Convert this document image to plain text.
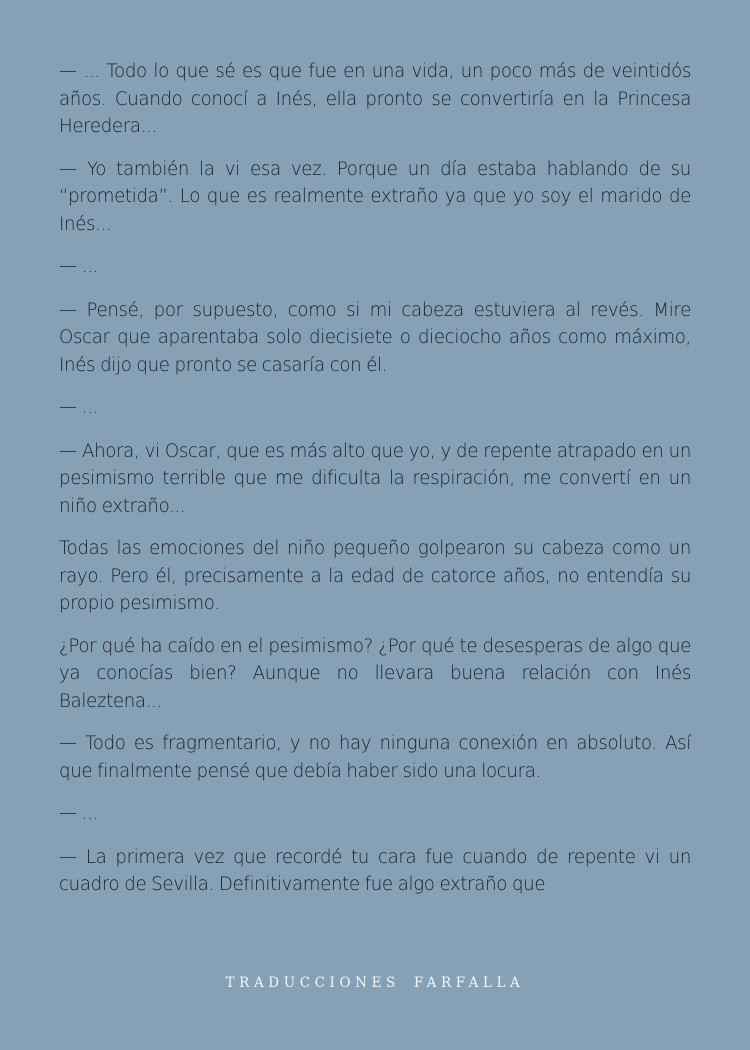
— ... Todo lo que sé es que fue en una vida, un poco más de veintidós años. Cuando conocí a Inés, ella pronto se convertiría en la Princesa Heredera...

— Yo también la vi esa vez. Porque un día estaba hablando de su “prometida”. Lo que es realmente extraño ya que yo soy el marido de Inés...

— ...

— Pensé, por supuesto, como si mi cabeza estuviera al revés. Mire Oscar que aparentaba solo diecisiete o dieciocho años como máximo, Inés dijo que pronto se casaría con él.

— ...

— Ahora, vi Oscar, que es más alto que yo, y de repente atrapado en un pesimismo terrible que me dificulta la respiración, me convertí en un niño extraño...

Todas las emociones del niño pequeño golpearon su cabeza como un rayo. Pero él, precisamente a la edad de catorce años, no entendía su propio pesimismo.

¿Por qué ha caído en el pesimismo? ¿Por qué te desesperas de algo que ya conocías bien? Aunque no llevara buena relación con Inés Baleztena...

— Todo es fragmentario, y no hay ninguna conexión en absoluto. Así que finalmente pensé que debía haber sido una locura.

— ...

— La primera vez que recordé tu cara fue cuando de repente vi un cuadro de Sevilla. Definitivamente fue algo extraño que

TRADUCCIONES FARFALLA
